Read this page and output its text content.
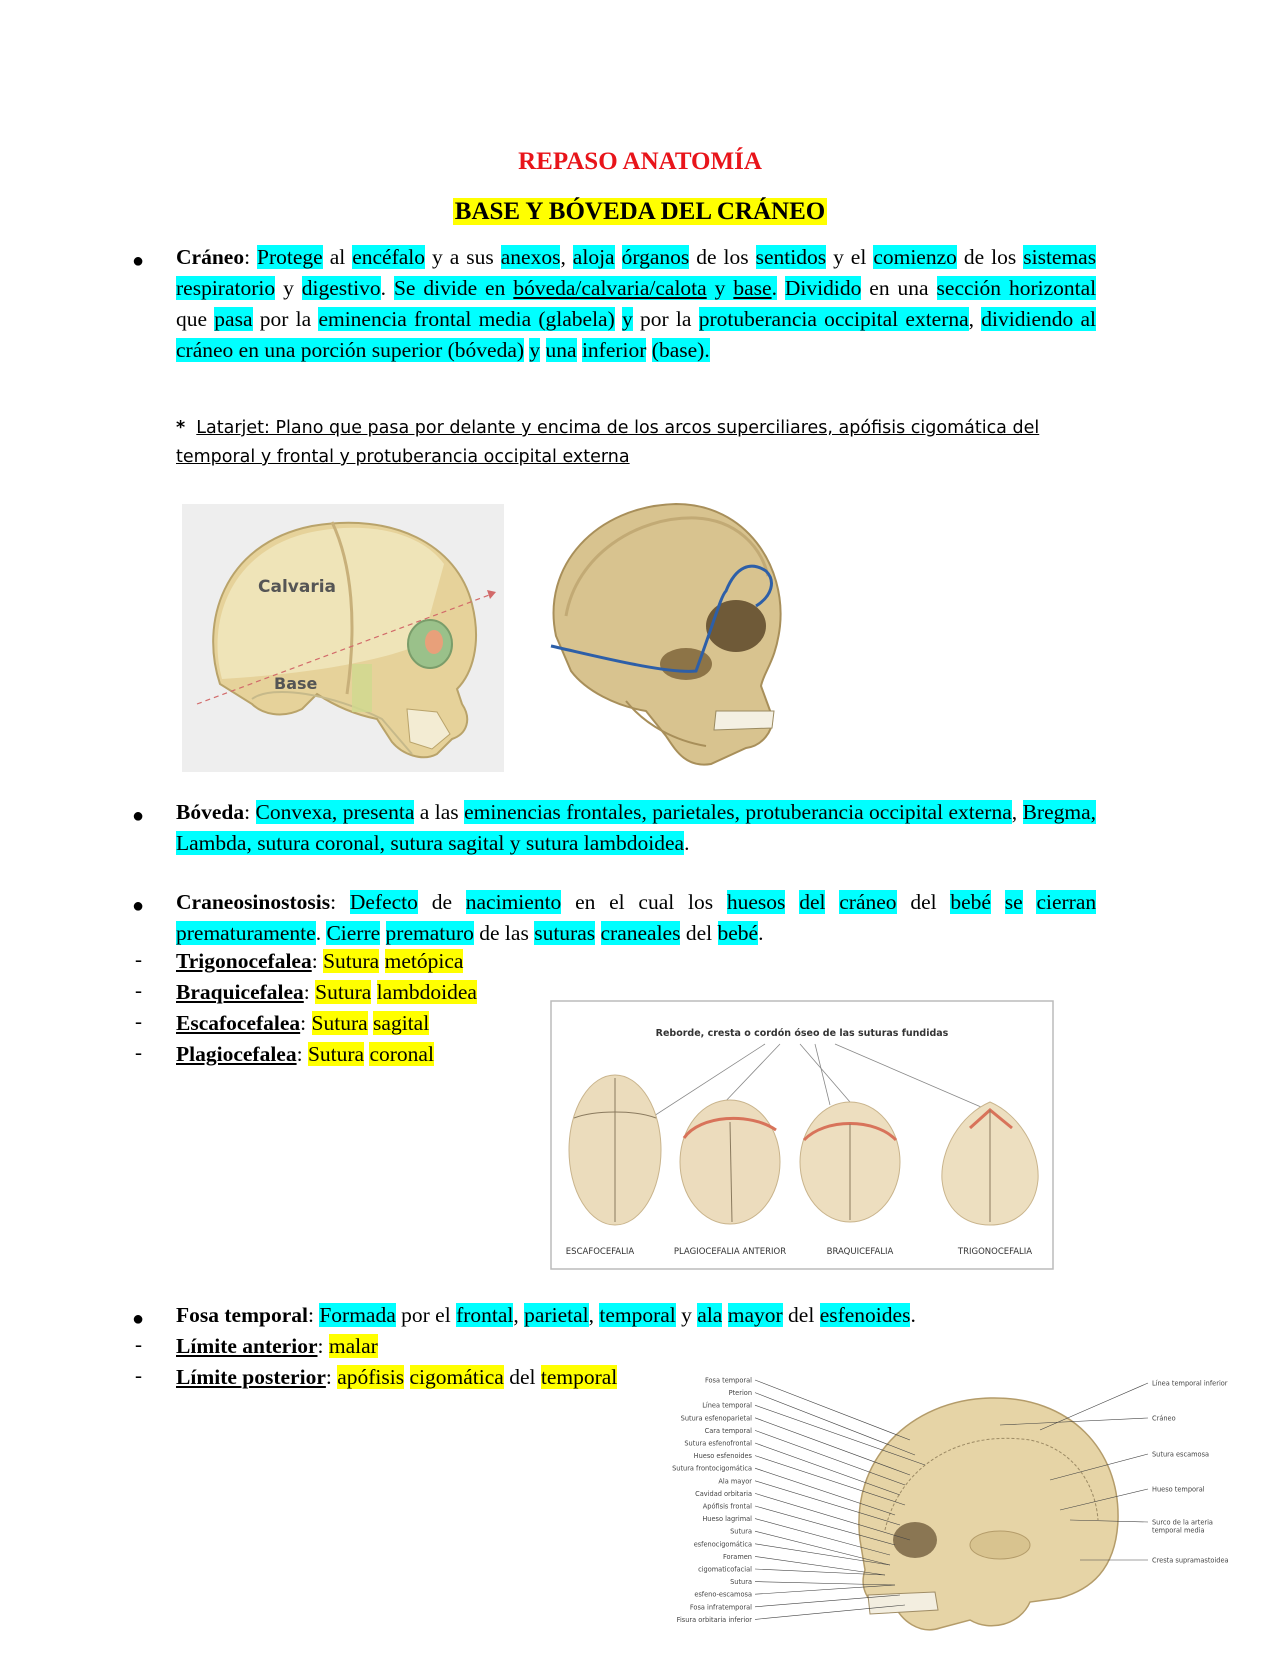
REPASO ANATOMÍA
BASE Y BÓVEDA DEL CRÁNEO
● Cráneo: Protege al encéfalo y a sus anexos, aloja órganos de los sentidos y el comienzo de los sistemas respiratorio y digestivo. Se divide en bóveda/calvaria/calota y base. Dividido en una sección horizontal que pasa por la eminencia frontal media (glabela) y por la protuberancia occipital externa, dividiendo al cráneo en una porción superior (bóveda) y una inferior (base).
* Latarjet: Plano que pasa por delante y encima de los arcos superciliares, apófisis cigomática del temporal y frontal y protuberancia occipital externa
Calvaria
Base
● Bóveda: Convexa, presenta a las eminencias frontales, parietales, protuberancia occipital externa, Bregma, Lambda, sutura coronal, sutura sagital y sutura lambdoidea.
● Craneosinostosis: Defecto de nacimiento en el cual los huesos del cráneo del bebé se cierran prematuramente. Cierre prematuro de las suturas craneales del bebé.
- Trigonocefalea: Sutura metópica
- Braquicefalea: Sutura lambdoidea
- Escafocefalea: Sutura sagital
- Plagiocefalea: Sutura coronal
Reborde, cresta o cordón óseo de las suturas fundidas
ESCAFOCEFALIA	PLAGIOCEFALIA ANTERIOR	BRAQUICEFALIA	TRIGONOCEFALIA
● Fosa temporal: Formada por el frontal, parietal, temporal y ala mayor del esfenoides.
- Límite anterior: malar
- Límite posterior: apófisis cigomática del temporal	Fosa temporal
Pterion
Línea temporal
Sutura esfenoparietal
Cara temporal
Sutura esfenofrontal
Hueso esfenoides
Sutura frontocigomática
Ala mayor
Cavidad orbitaria
Apófisis frontal
Hueso lagrimal
Sutura
esfenocigomática
Foramen
cigomaticofacial
Sutura
esfeno-escamosa
Fosa infratemporal
Fisura orbitaria inferior
Línea temporal inferior
Cráneo
Sutura escamosa
Hueso temporal
Surco de la arteria
temporal media
Cresta supramastoidea
